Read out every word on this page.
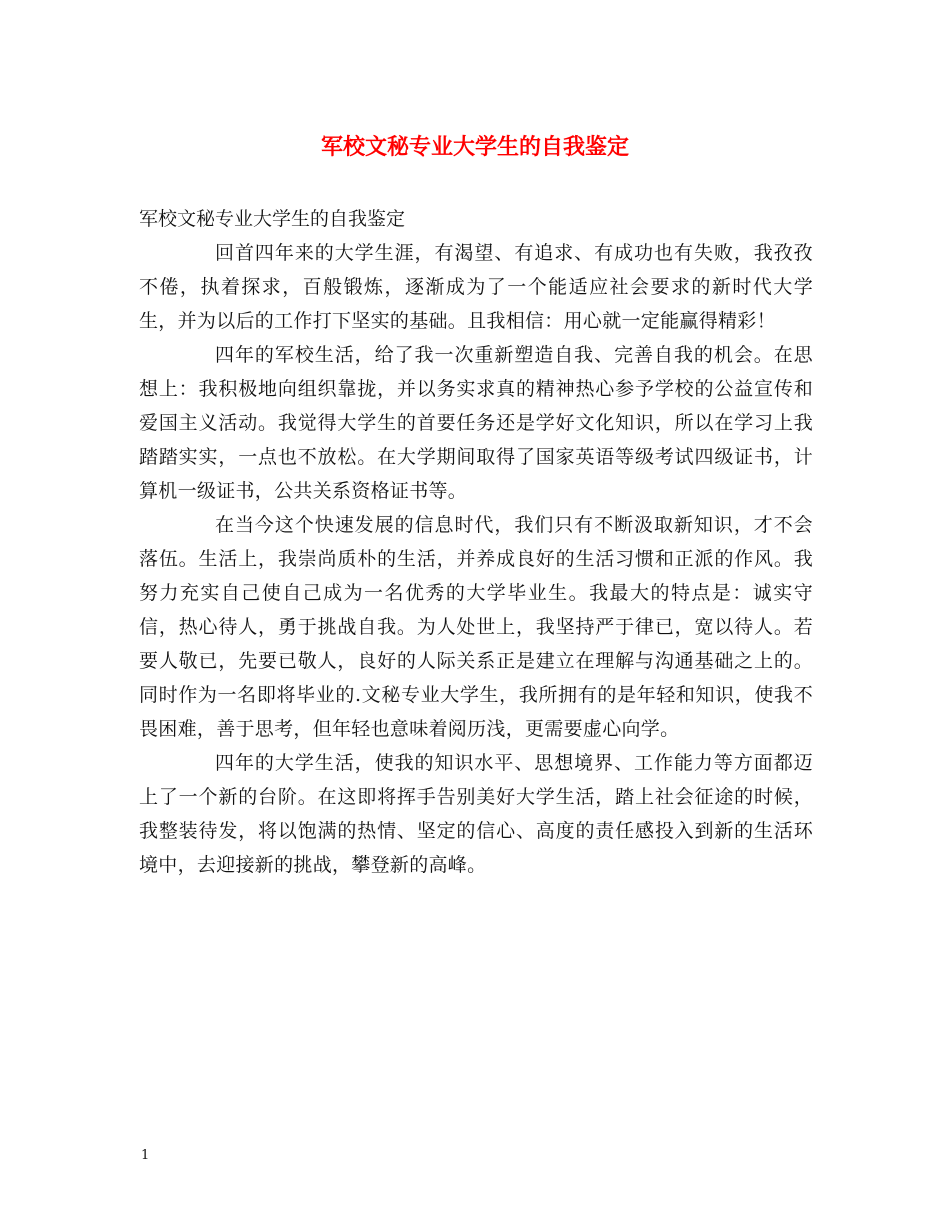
军校文秘专业大学生的自我鉴定

军校文秘专业大学生的自我鉴定

回首四年来的大学生涯，有渴望、有追求、有成功也有失败，我孜孜不倦，执着探求，百般锻炼，逐渐成为了一个能适应社会要求的新时代大学生，并为以后的工作打下坚实的基础。且我相信：用心就一定能赢得精彩！

四年的军校生活，给了我一次重新塑造自我、完善自我的机会。在思想上：我积极地向组织靠拢，并以务实求真的精神热心参予学校的公益宣传和爱国主义活动。我觉得大学生的首要任务还是学好文化知识，所以在学习上我踏踏实实，一点也不放松。在大学期间取得了国家英语等级考试四级证书，计算机一级证书，公共关系资格证书等。

在当今这个快速发展的信息时代，我们只有不断汲取新知识，才不会落伍。生活上，我崇尚质朴的生活，并养成良好的生活习惯和正派的作风。我努力充实自己使自己成为一名优秀的大学毕业生。我最大的特点是：诚实守信，热心待人，勇于挑战自我。为人处世上，我坚持严于律已，宽以待人。若要人敬已，先要已敬人，良好的人际关系正是建立在理解与沟通基础之上的。同时作为一名即将毕业的.文秘专业大学生，我所拥有的是年轻和知识，使我不畏困难，善于思考，但年轻也意味着阅历浅，更需要虚心向学。

四年的大学生活，使我的知识水平、思想境界、工作能力等方面都迈上了一个新的台阶。在这即将挥手告别美好大学生活，踏上社会征途的时候，我整装待发，将以饱满的热情、坚定的信心、高度的责任感投入到新的生活环境中，去迎接新的挑战，攀登新的高峰。

1
